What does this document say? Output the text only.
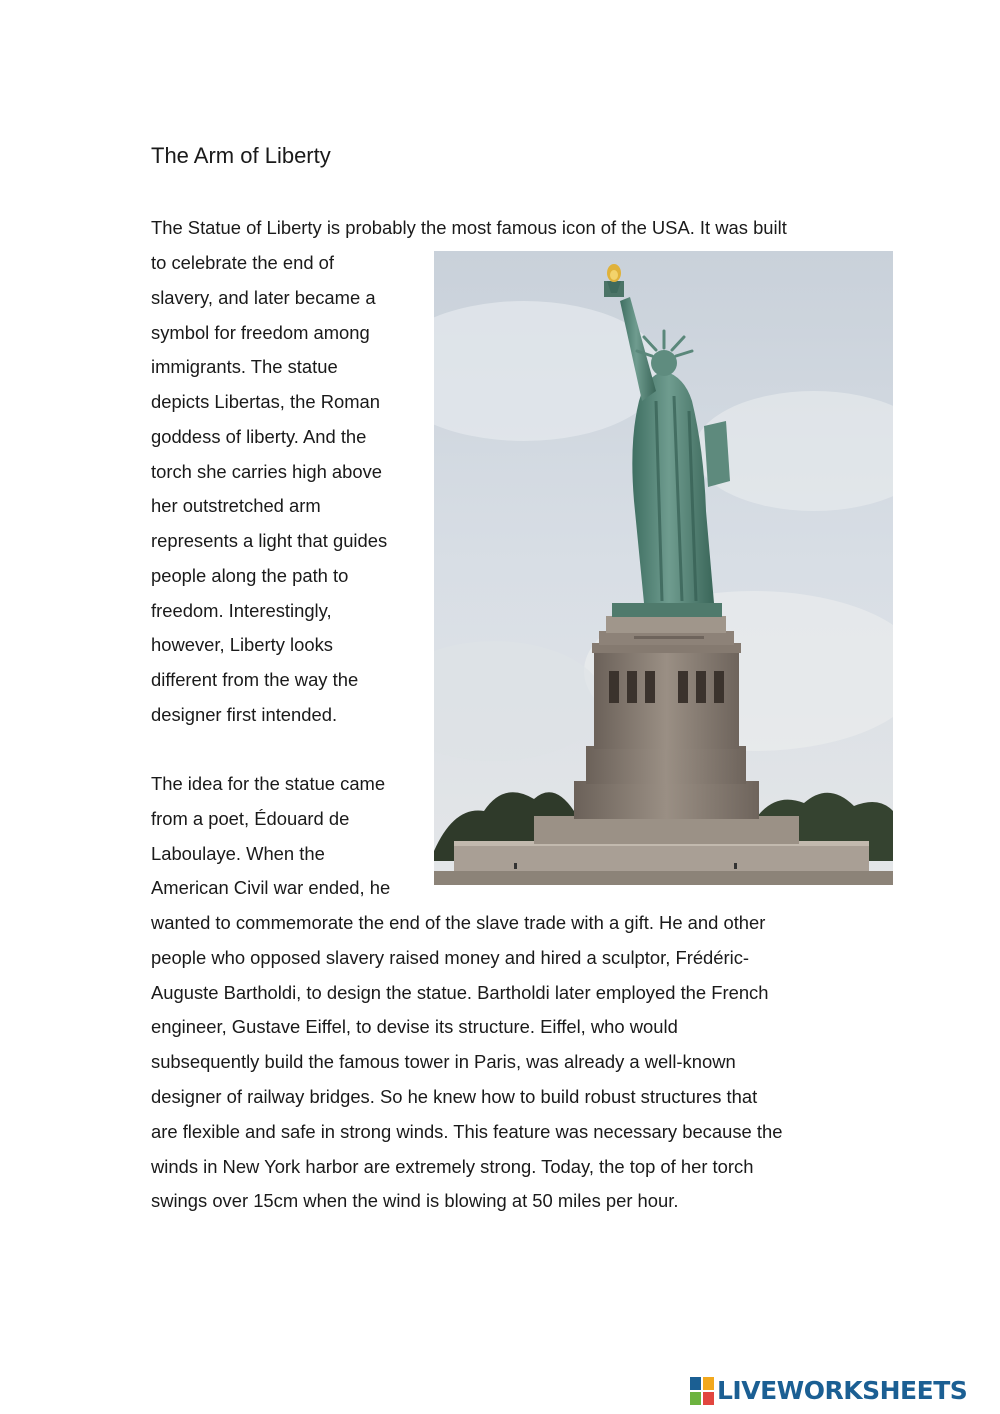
The Arm of Liberty
The Statue of Liberty is probably the most famous icon of the USA. It was built
to celebrate the end of
slavery, and later became a
symbol for freedom among
immigrants. The statue
depicts Libertas, the Roman
goddess of liberty. And the
torch she carries high above
her outstretched arm
represents a light that guides
people along the path to
freedom. Interestingly,
however, Liberty looks
different from the way the
designer first intended.
The idea for the statue came
from a poet, Édouard de
Laboulaye. When the
American Civil war ended, he
wanted to commemorate the end of the slave trade with a gift. He and other
people who opposed slavery raised money and hired a sculptor, Frédéric-
Auguste Bartholdi, to design the statue. Bartholdi later employed the French
engineer, Gustave Eiffel, to devise its structure. Eiffel, who would
subsequently build the famous tower in Paris, was already a well-known
designer of railway bridges. So he knew how to build robust structures that
are flexible and safe in strong winds. This feature was necessary because the
winds in New York harbor are extremely strong. Today, the top of her torch
swings over 15cm when the wind is blowing at 50 miles per hour.
LIVEWORKSHEETS
